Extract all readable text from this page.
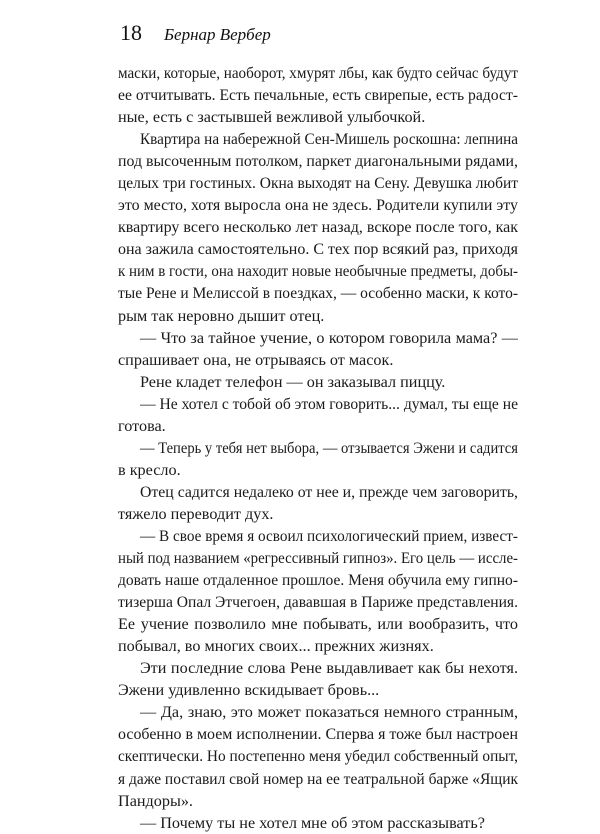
18 Бернар Вербер
маски, которые, наоборот, хмурят лбы, как будто сейчас будут
ее отчитывать. Есть печальные, есть свирепые, есть радост-
ные, есть с застывшей вежливой улыбочкой.
Квартира на набережной Сен-Мишель роскошна: лепнина
под высоченным потолком, паркет диагональными рядами,
целых три гостиных. Окна выходят на Сену. Девушка любит
это место, хотя выросла она не здесь. Родители купили эту
квартиру всего несколько лет назад, вскоре после того, как
она зажила самостоятельно. С тех пор всякий раз, приходя
к ним в гости, она находит новые необычные предметы, добы-
тые Рене и Мелиссой в поездках, — особенно маски, к кото-
рым так неровно дышит отец.
— Что за тайное учение, о котором говорила мама? —
спрашивает она, не отрываясь от масок.
Рене кладет телефон — он заказывал пиццу.
— Не хотел с тобой об этом говорить... думал, ты еще не
готова.
— Теперь у тебя нет выбора, — отзывается Эжени и садится
в кресло.
Отец садится недалеко от нее и, прежде чем заговорить,
тяжело переводит дух.
— В свое время я освоил психологический прием, извест-
ный под названием «регрессивный гипноз». Его цель — иссле-
довать наше отдаленное прошлое. Меня обучила ему гипно-
тизерша Опал Этчегоен, дававшая в Париже представления.
Ее учение позволило мне побывать, или вообразить, что
побывал, во многих своих... прежних жизнях.
Эти последние слова Рене выдавливает как бы нехотя.
Эжени удивленно вскидывает бровь...
— Да, знаю, это может показаться немного странным,
особенно в моем исполнении. Сперва я тоже был настроен
скептически. Но постепенно меня убедил собственный опыт,
я даже поставил свой номер на ее театральной барже «Ящик
Пандоры».
— Почему ты не хотел мне об этом рассказывать?
